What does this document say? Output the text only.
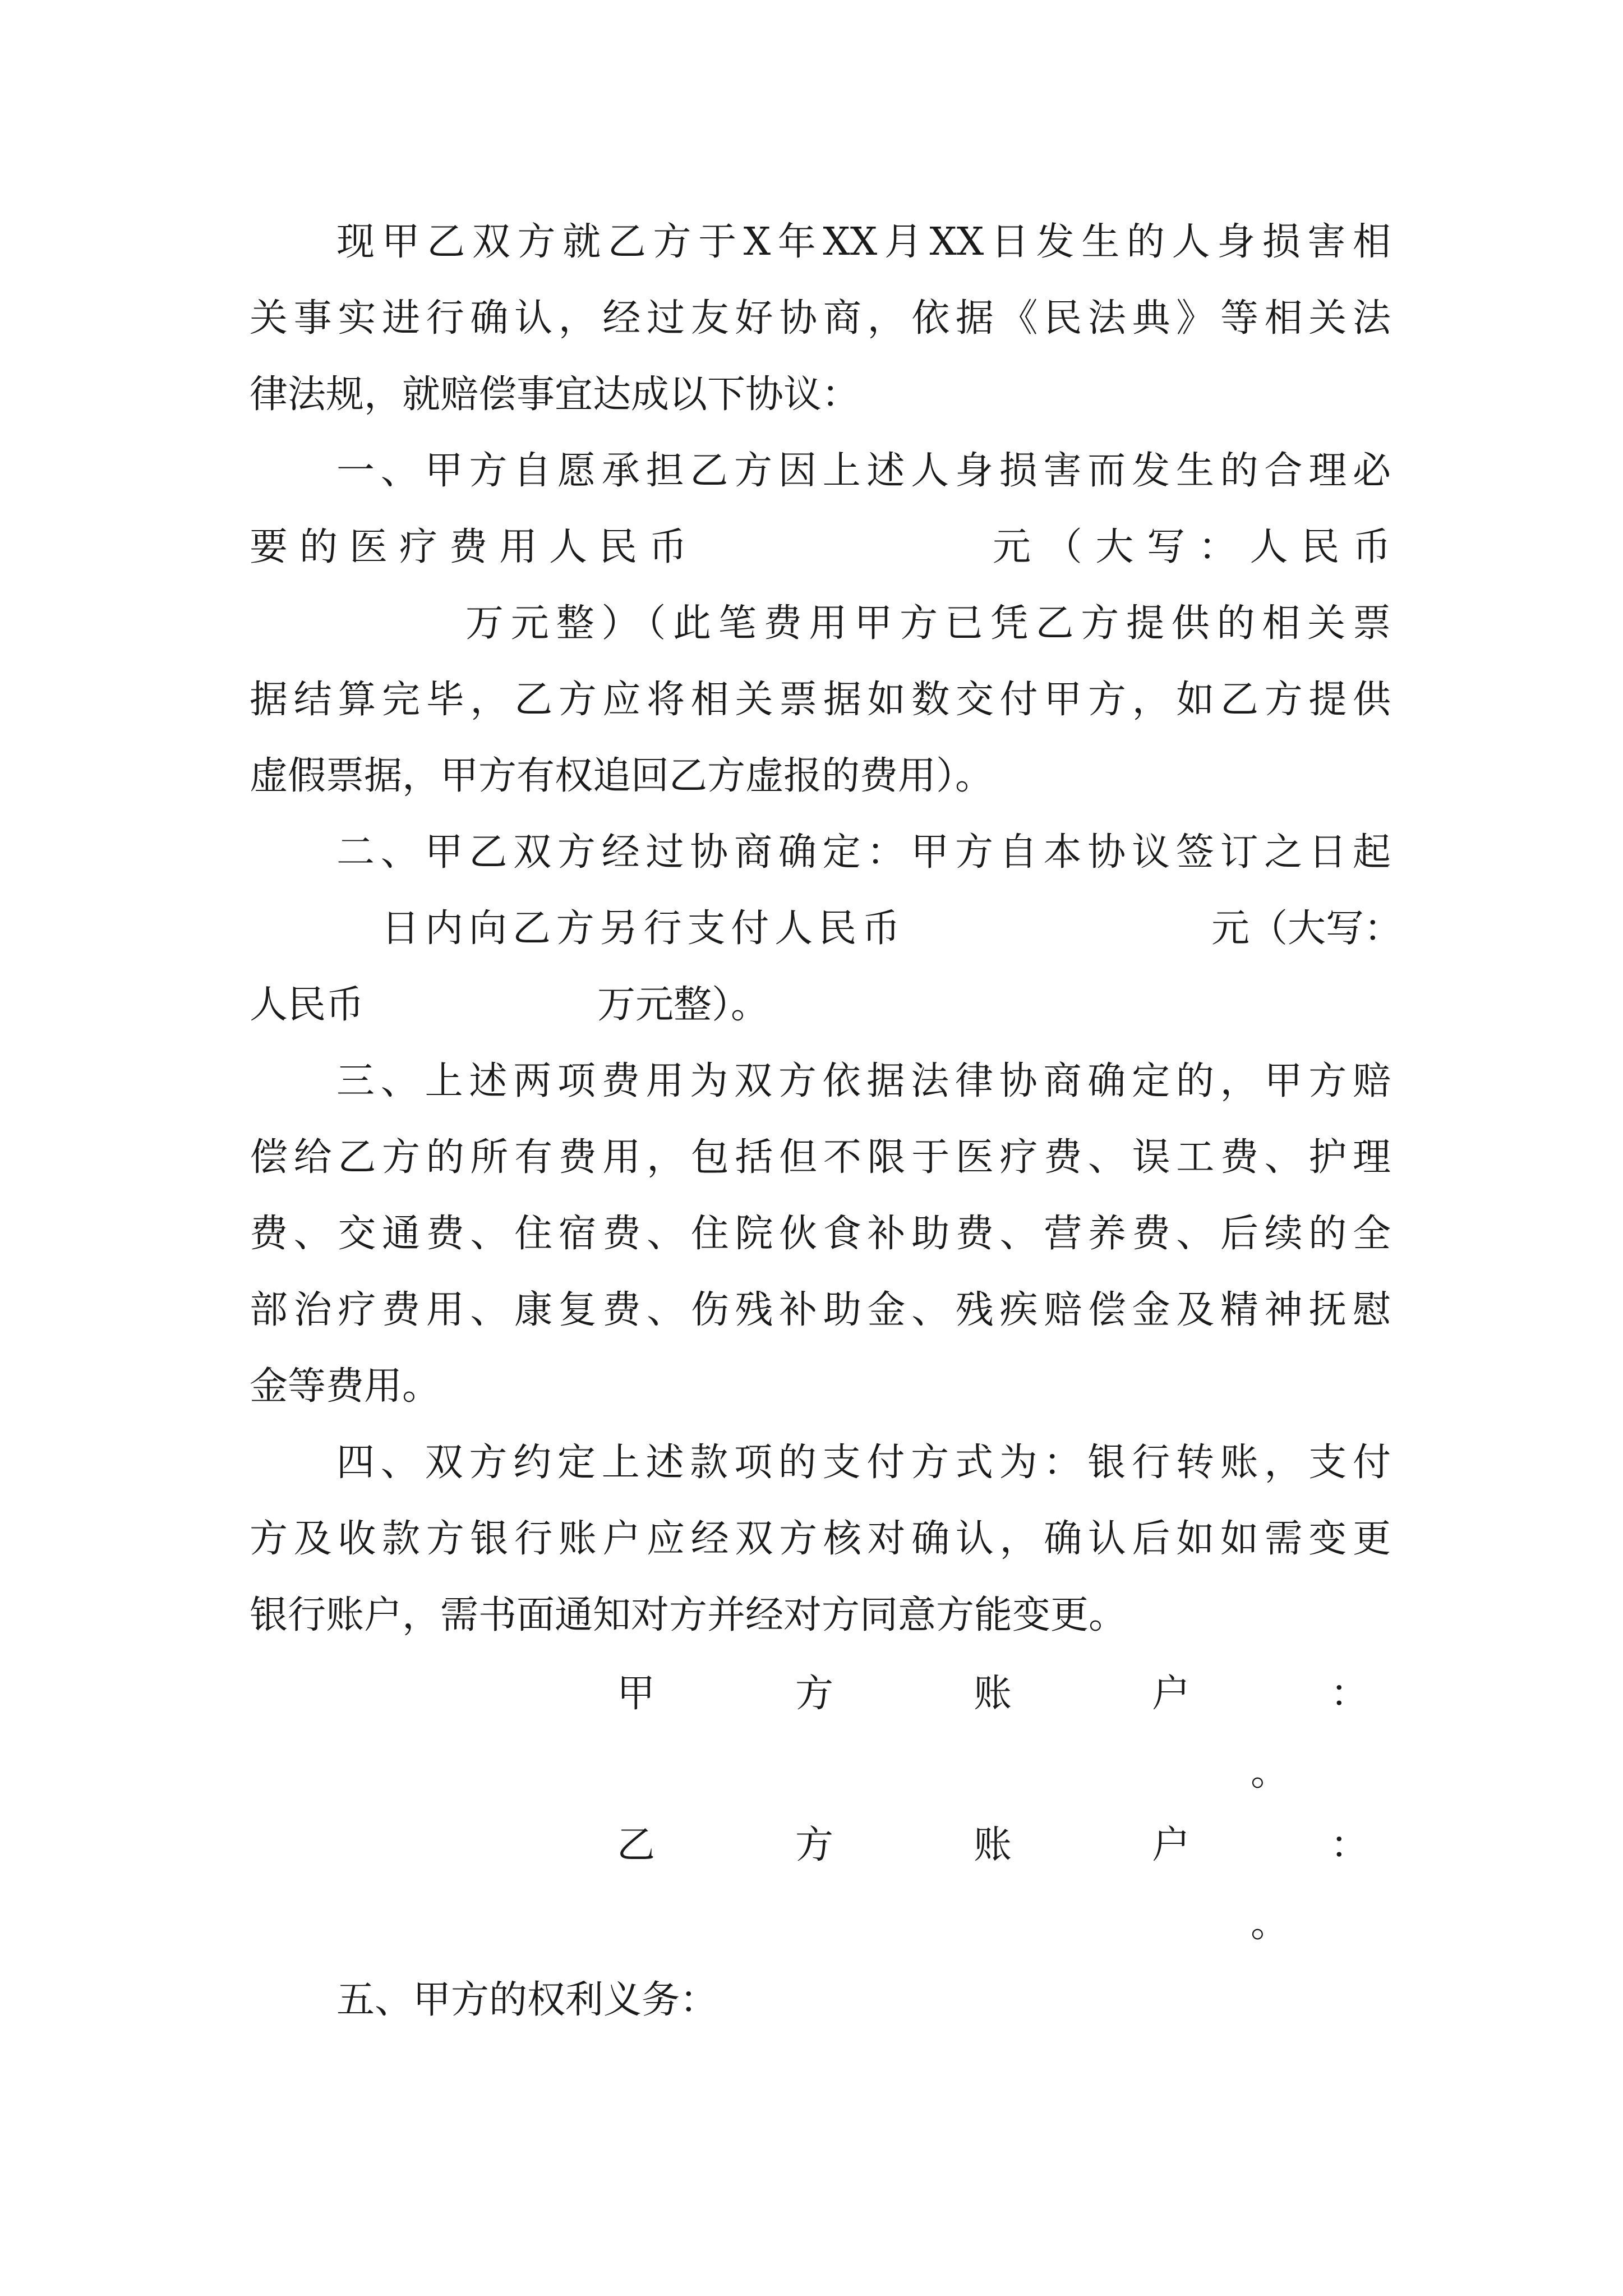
现甲乙双方就乙方于X年XX月XX日发生的人身损害相

关事实进行确认，经过友好协商，依据《民法典》等相关法

律法规，就赔偿事宜达成以下协议：

一、甲方自愿承担乙方因上述人身损害而发生的合理必

要的医疗费用人民币	元（大写：人民币

万元整）（此笔费用甲方已凭乙方提供的相关票

据结算完毕，乙方应将相关票据如数交付甲方，如乙方提供

虚假票据，甲方有权追回乙方虚报的费用）。

二、甲乙双方经过协商确定：甲方自本协议签订之日起

日内向乙方另行支付人民币	元（大写：
人民币	万元整）。

三、上述两项费用为双方依据法律协商确定的，甲方赔

偿给乙方的所有费用，包括但不限于医疗费、误工费、护理

费、交通费、住宿费、住院伙食补助费、营养费、后续的全

部治疗费用、康复费、伤残补助金、残疾赔偿金及精神抚慰

金等费用。

四、双方约定上述款项的支付方式为：银行转账，支付

方及收款方银行账户应经双方核对确认，确认后如如需变更

银行账户，需书面通知对方并经对方同意方能变更。

甲方账户：

。

乙方账户：

。

五、甲方的权利义务：
